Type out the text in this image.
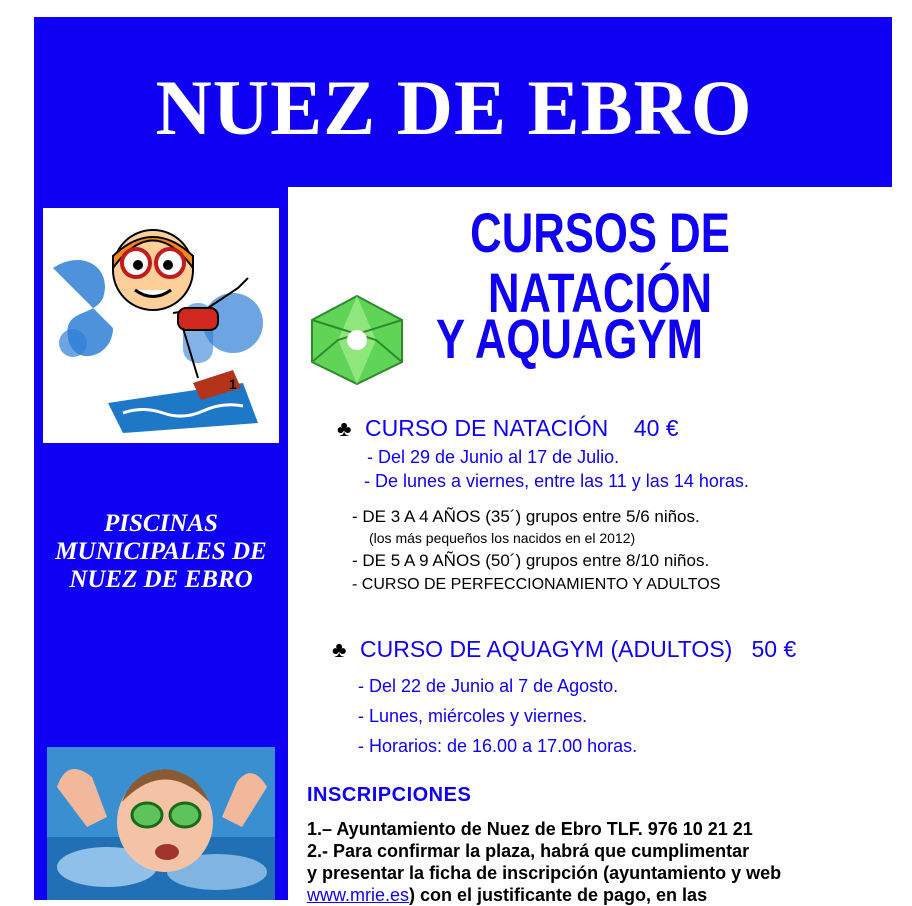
NUEZ DE EBRO
1
PISCINAS MUNICIPALES DE NUEZ DE EBRO
CURSOS DE NATACIÓN
Y AQUAGYM
♣ CURSO DE NATACIÓN 40 €
- Del 29 de Junio al 17 de Julio.
- De lunes a viernes, entre las 11 y las 14 horas.
- DE 3 A 4 AÑOS (35´) grupos entre 5/6 niños.
(los más pequeños los nacidos en el 2012)
- DE 5 A 9 AÑOS (50´) grupos entre 8/10 niños.
- CURSO DE PERFECCIONAMIENTO Y ADULTOS
♣ CURSO DE AQUAGYM (ADULTOS) 50 €
- Del 22 de Junio al 7 de Agosto.
- Lunes, miércoles y viernes.
- Horarios: de 16.00 a 17.00 horas.
INSCRIPCIONES
1.– Ayuntamiento de Nuez de Ebro TLF. 976 10 21 21
2.- Para confirmar la plaza, habrá que cumplimentar
y presentar la ficha de inscripción (ayuntamiento y web
www.mrie.es) con el justificante de pago, en las
